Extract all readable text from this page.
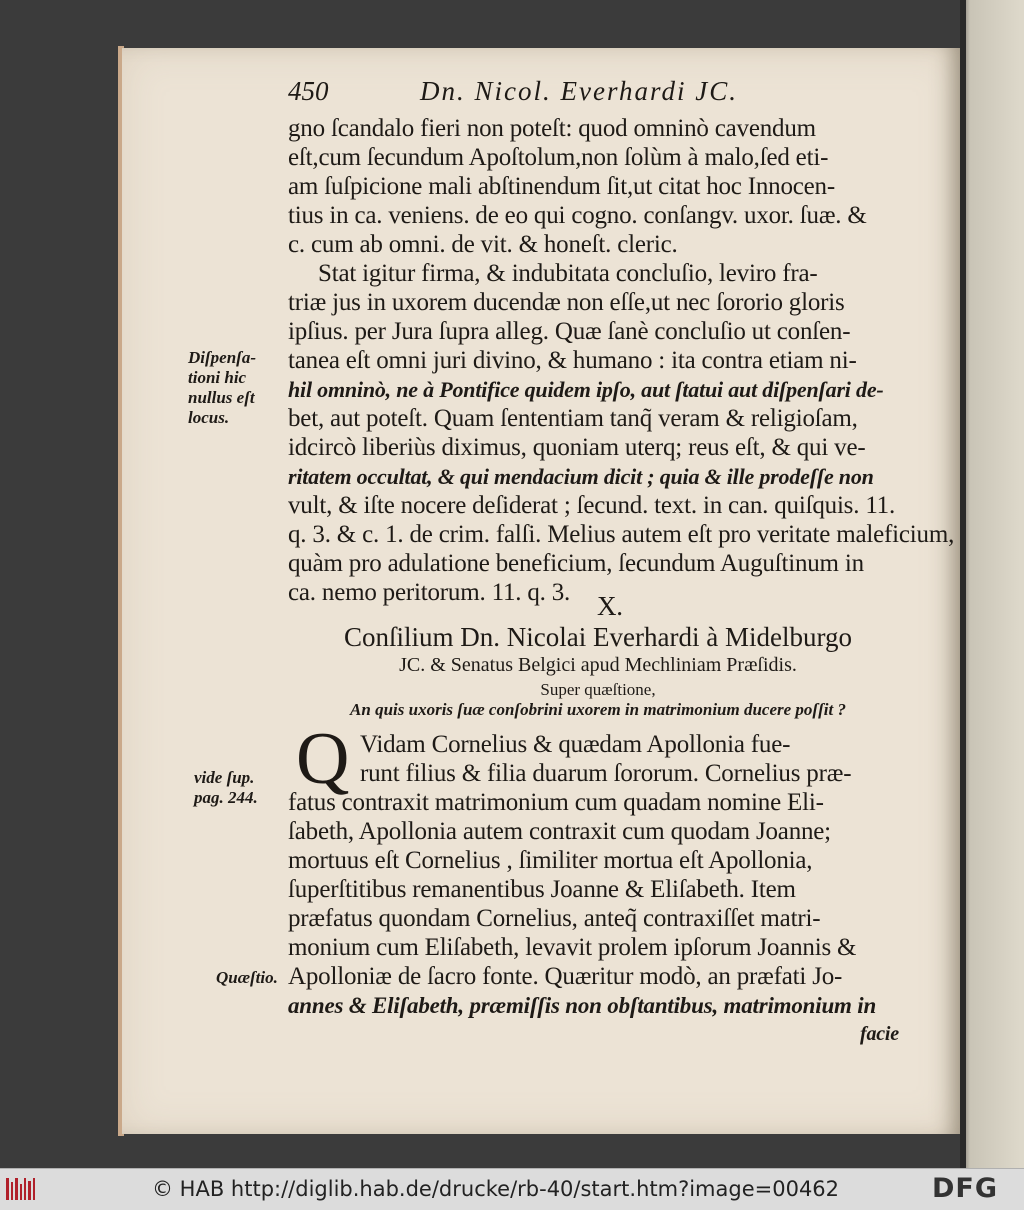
450	Dn. Nicol. Everhardi JC.
gno ſcandalo fieri non poteſt: quod omninò cavendum
eſt,cum ſecundum Apoſtolum,non ſolùm à malo,ſed eti-
am ſuſpicione mali abſtinendum ſit,ut citat hoc Innocen-
tius in ca. veniens. de eo qui cogno. conſangv. uxor. ſuæ. &
c. cum ab omni. de vit. & honeſt. cleric.
Stat igitur firma, & indubitata concluſio, leviro fra-
triæ jus in uxorem ducendæ non eſſe,ut nec ſororio gloris
ipſius. per Jura ſupra alleg. Quæ ſanè concluſio ut conſen-
tanea eſt omni juri divino, & humano : ita contra etiam ni-
hil omninò, ne à Pontifice quidem ipſo, aut ſtatui aut diſpenſari de-
bet, aut poteſt. Quam ſententiam tanq̃ veram & religioſam,
idcircò liberiùs diximus, quoniam uterq; reus eſt, & qui ve-
ritatem occultat, & qui mendacium dicit ; quia & ille prodeſſe non
vult, & iſte nocere deſiderat ; ſecund. text. in can. quiſquis. 11.
q. 3. & c. 1. de crim. falſi. Melius autem eſt pro veritate maleficium,
quàm pro adulatione beneficium, ſecundum Auguſtinum in
ca. nemo peritorum. 11. q. 3.
Diſpenſa-
tioni hic
nullus eſt
locus.
vide ſup.
pag. 244.
Quæſtio.
X.
Conſilium Dn. Nicolai Everhardi à Midelburgo
JC. & Senatus Belgici apud Mechliniam Præſidis.
Super quæſtione,
An quis uxoris ſuæ conſobrini uxorem in matrimonium ducere poſſit ?
Q Vidam Cornelius & quædam Apollonia fue-
runt filius & filia duarum ſororum. Cornelius præ-
fatus contraxit matrimonium cum quadam nomine Eli-
ſabeth, Apollonia autem contraxit cum quodam Joanne;
mortuus eſt Cornelius , ſimiliter mortua eſt Apollonia,
ſuperſtitibus remanentibus Joanne & Eliſabeth. Item
præfatus quondam Cornelius, anteq̃ contraxiſſet matri-
monium cum Eliſabeth, levavit prolem ipſorum Joannis &
Apolloniæ de ſacro fonte. Quæritur modò, an præfati Jo-
annes & Eliſabeth, præmiſſis non obſtantibus, matrimonium in
facie
© HAB http://diglib.hab.de/drucke/rb-40/start.htm?image=00462	DFG
